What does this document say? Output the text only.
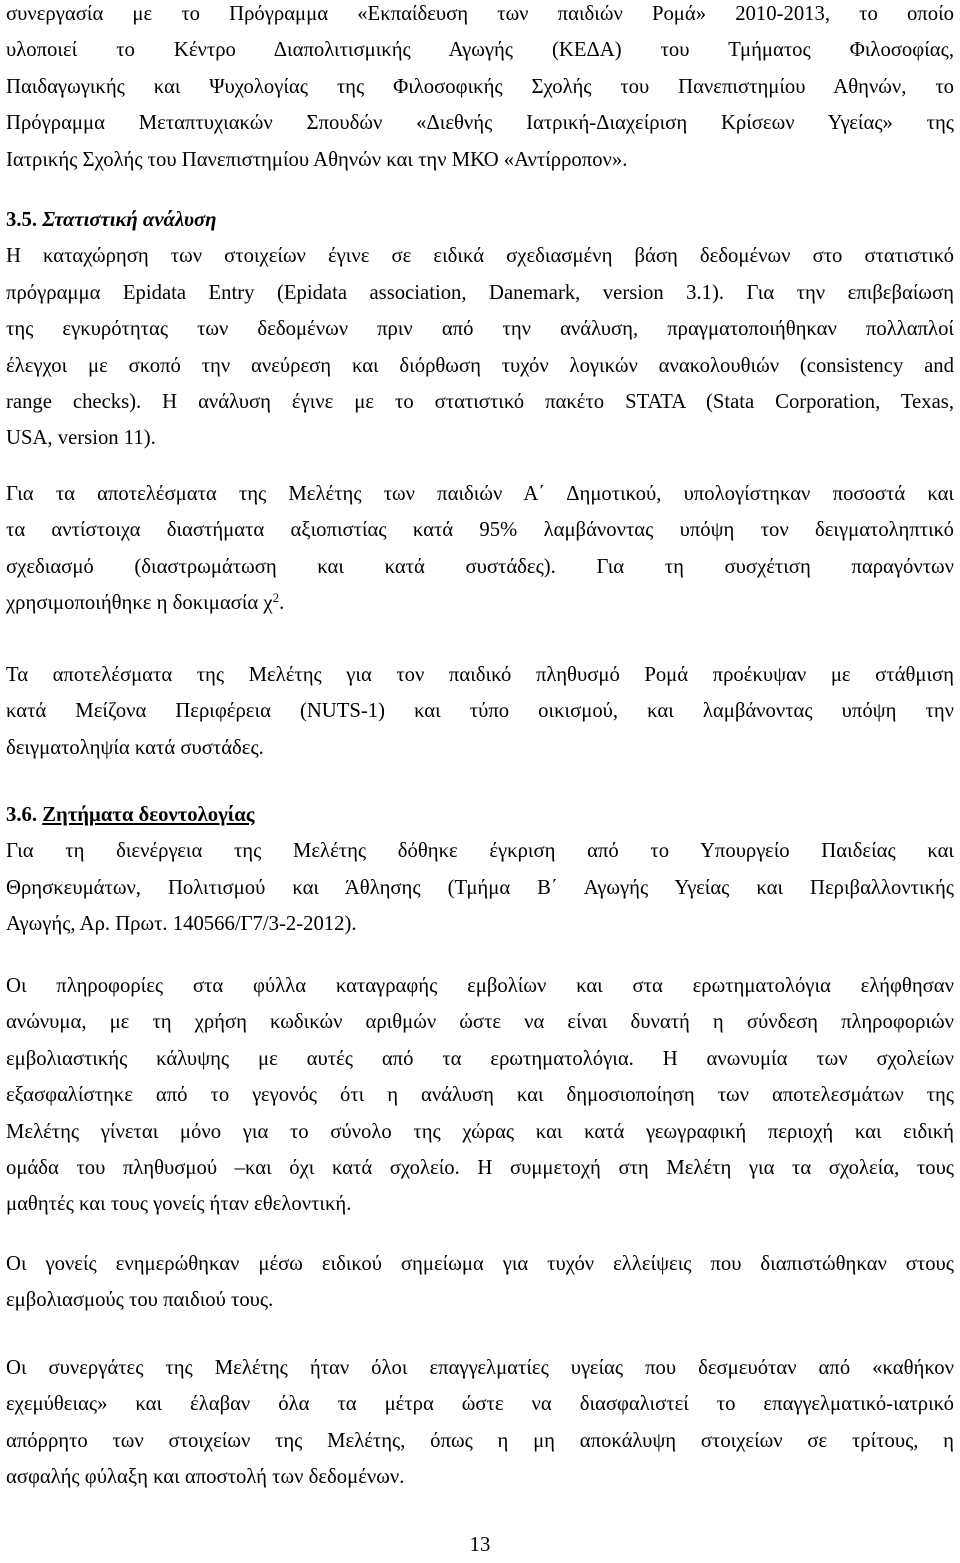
συνεργασία με το Πρόγραμμα «Εκπαίδευση των παιδιών Ρομά» 2010-2013, το οποίο
υλοποιεί το Κέντρο Διαπολιτισμικής Αγωγής (ΚΕΔΑ) του Τμήματος Φιλοσοφίας,
Παιδαγωγικής και Ψυχολογίας της Φιλοσοφικής Σχολής του Πανεπιστημίου Αθηνών, το
Πρόγραμμα Μεταπτυχιακών Σπουδών «Διεθνής Ιατρική-Διαχείριση Κρίσεων Υγείας» της
Ιατρικής Σχολής του Πανεπιστημίου Αθηνών και την ΜΚΟ «Αντίρροπον».
3.5. Στατιστική ανάλυση
Η καταχώρηση των στοιχείων έγινε σε ειδικά σχεδιασμένη βάση δεδομένων στο στατιστικό
πρόγραμμα Epidata Entry (Epidata association, Danemark, version 3.1). Για την επιβεβαίωση
της εγκυρότητας των δεδομένων πριν από την ανάλυση, πραγματοποιήθηκαν πολλαπλοί
έλεγχοι με σκοπό την ανεύρεση και διόρθωση τυχόν λογικών ανακολουθιών (consistency and
range checks). Η ανάλυση έγινε με το στατιστικό πακέτο STATA (Stata Corporation, Texas,
USA, version 11).
Για τα αποτελέσματα της Μελέτης των παιδιών Α΄ Δημοτικού, υπολογίστηκαν ποσοστά και
τα αντίστοιχα διαστήματα αξιοπιστίας κατά 95% λαμβάνοντας υπόψη τον δειγματοληπτικό
σχεδιασμό (διαστρωμάτωση και κατά συστάδες). Για τη συσχέτιση παραγόντων
χρησιμοποιήθηκε η δοκιμασία $\chi^2$.
Τα αποτελέσματα της Μελέτης για τον παιδικό πληθυσμό Ρομά προέκυψαν με στάθμιση
κατά Μείζονα Περιφέρεια (NUTS-1) και τύπο οικισμού, και λαμβάνοντας υπόψη την
δειγματοληψία κατά συστάδες.
3.6. Ζητήματα δεοντολογίας
Για τη διενέργεια της Μελέτης δόθηκε έγκριση από το Υπουργείο Παιδείας και
Θρησκευμάτων, Πολιτισμού και Άθλησης (Τμήμα Β΄ Αγωγής Υγείας και Περιβαλλοντικής
Αγωγής, Αρ. Πρωτ. 140566/Γ7/3-2-2012).
Οι πληροφορίες στα φύλλα καταγραφής εμβολίων και στα ερωτηματολόγια ελήφθησαν
ανώνυμα, με τη χρήση κωδικών αριθμών ώστε να είναι δυνατή η σύνδεση πληροφοριών
εμβολιαστικής κάλυψης με αυτές από τα ερωτηματολόγια. Η ανωνυμία των σχολείων
εξασφαλίστηκε από το γεγονός ότι η ανάλυση και δημοσιοποίηση των αποτελεσμάτων της
Μελέτης γίνεται μόνο για το σύνολο της χώρας και κατά γεωγραφική περιοχή και ειδική
ομάδα του πληθυσμού –και όχι κατά σχολείο. Η συμμετοχή στη Μελέτη για τα σχολεία, τους
μαθητές και τους γονείς ήταν εθελοντική.
Οι γονείς ενημερώθηκαν μέσω ειδικού σημείωμα για τυχόν ελλείψεις που διαπιστώθηκαν στους
εμβολιασμούς του παιδιού τους.
Οι συνεργάτες της Μελέτης ήταν όλοι επαγγελματίες υγείας που δεσμευόταν από «καθήκον
εχεμύθειας» και έλαβαν όλα τα μέτρα ώστε να διασφαλιστεί το επαγγελματικό-ιατρικό
απόρρητο των στοιχείων της Μελέτης, όπως η μη αποκάλυψη στοιχείων σε τρίτους, η
ασφαλής φύλαξη και αποστολή των δεδομένων.
13
